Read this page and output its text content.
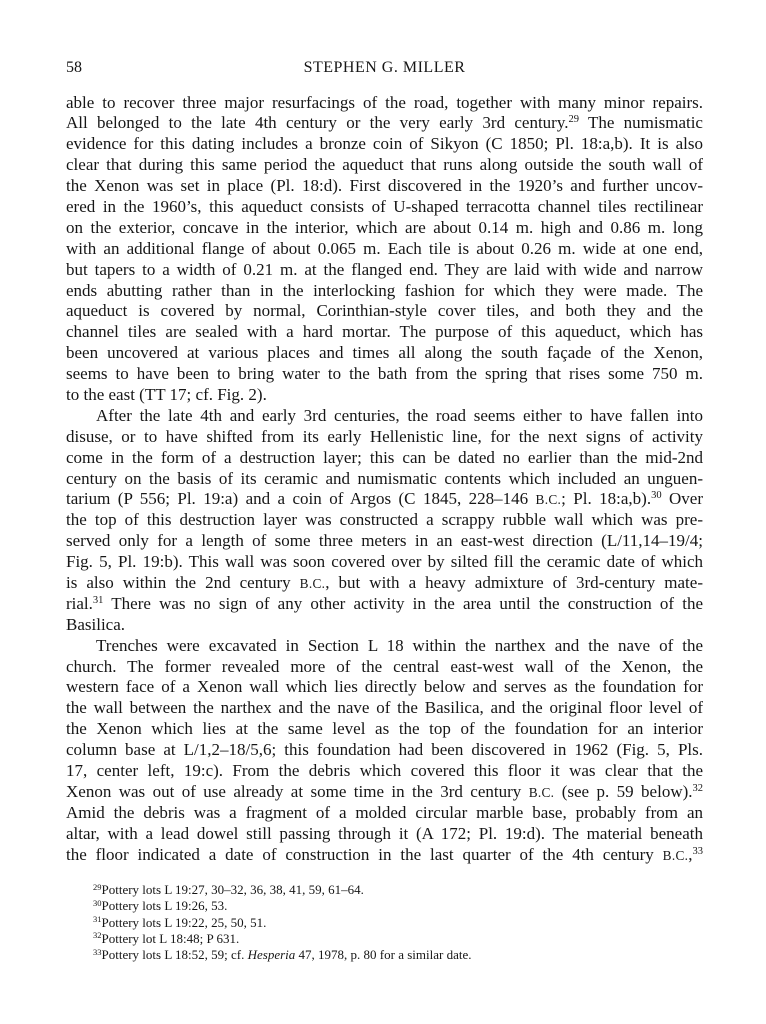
58	STEPHEN G. MILLER
able to recover three major resurfacings of the road, together with many minor repairs.
All belonged to the late 4th century or the very early 3rd century.$^{29}$ The numismatic
evidence for this dating includes a bronze coin of Sikyon (C 1850; Pl. 18:a,b). It is also
clear that during this same period the aqueduct that runs along outside the south wall of
the Xenon was set in place (Pl. 18:d). First discovered in the 1920’s and further uncov-
ered in the 1960’s, this aqueduct consists of U-shaped terracotta channel tiles rectilinear
on the exterior, concave in the interior, which are about 0.14 m. high and 0.86 m. long
with an additional flange of about 0.065 m. Each tile is about 0.26 m. wide at one end,
but tapers to a width of 0.21 m. at the flanged end. They are laid with wide and narrow
ends abutting rather than in the interlocking fashion for which they were made. The
aqueduct is covered by normal, Corinthian-style cover tiles, and both they and the
channel tiles are sealed with a hard mortar. The purpose of this aqueduct, which has
been uncovered at various places and times all along the south façade of the Xenon,
seems to have been to bring water to the bath from the spring that rises some 750 m.
to the east (TT 17; cf. Fig. 2).
After the late 4th and early 3rd centuries, the road seems either to have fallen into
disuse, or to have shifted from its early Hellenistic line, for the next signs of activity
come in the form of a destruction layer; this can be dated no earlier than the mid-2nd
century on the basis of its ceramic and numismatic contents which included an unguen-
tarium (P 556; Pl. 19:a) and a coin of Argos (C 1845, 228–146 B.C.; Pl. 18:a,b).$^{30}$ Over
the top of this destruction layer was constructed a scrappy rubble wall which was pre-
served only for a length of some three meters in an east-west direction (L/11,14–19/4;
Fig. 5, Pl. 19:b). This wall was soon covered over by silted fill the ceramic date of which
is also within the 2nd century B.C., but with a heavy admixture of 3rd-century mate-
rial.$^{31}$ There was no sign of any other activity in the area until the construction of the
Basilica.
Trenches were excavated in Section L 18 within the narthex and the nave of the
church. The former revealed more of the central east-west wall of the Xenon, the
western face of a Xenon wall which lies directly below and serves as the foundation for
the wall between the narthex and the nave of the Basilica, and the original floor level of
the Xenon which lies at the same level as the top of the foundation for an interior
column base at L/1,2–18/5,6; this foundation had been discovered in 1962 (Fig. 5, Pls.
17, center left, 19:c). From the debris which covered this floor it was clear that the
Xenon was out of use already at some time in the 3rd century B.C. (see p. 59 below).$^{32}$
Amid the debris was a fragment of a molded circular marble base, probably from an
altar, with a lead dowel still passing through it (A 172; Pl. 19:d). The material beneath
the floor indicated a date of construction in the last quarter of the 4th century B.C.,$^{33}$
$^{29}$Pottery lots L 19:27, 30–32, 36, 38, 41, 59, 61–64.
$^{30}$Pottery lots L 19:26, 53.
$^{31}$Pottery lots L 19:22, 25, 50, 51.
$^{32}$Pottery lot L 18:48; P 631.
$^{33}$Pottery lots L 18:52, 59; cf. Hesperia 47, 1978, p. 80 for a similar date.
